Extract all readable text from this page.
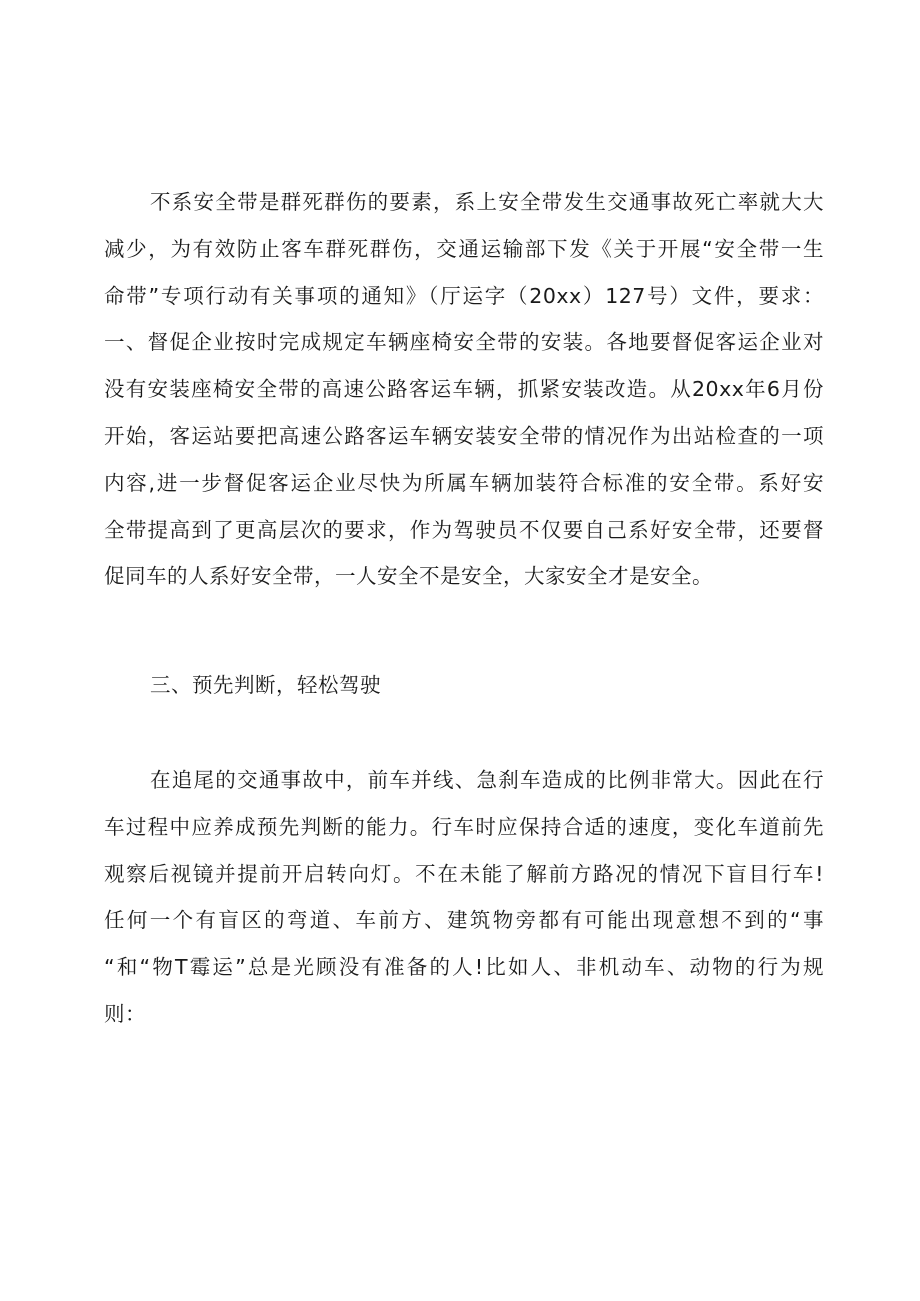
不系安全带是群死群伤的要素，系上安全带发生交通事故死亡率就大大
减少，为有效防止客车群死群伤，交通运输部下发《关于开展“安全带一生
命带”专项行动有关事项的通知》（厅运字（20xx）127号）文件，要求：
一、督促企业按时完成规定车辆座椅安全带的安装。各地要督促客运企业对
没有安装座椅安全带的高速公路客运车辆，抓紧安装改造。从20xx年6月份
开始，客运站要把高速公路客运车辆安装安全带的情况作为出站检查的一项
内容,进一步督促客运企业尽快为所属车辆加装符合标准的安全带。系好安
全带提高到了更高层次的要求，作为驾驶员不仅要自己系好安全带，还要督
促同车的人系好安全带，一人安全不是安全，大家安全才是安全。
三、预先判断，轻松驾驶
在追尾的交通事故中，前车并线、急刹车造成的比例非常大。因此在行
车过程中应养成预先判断的能力。行车时应保持合适的速度，变化车道前先
观察后视镜并提前开启转向灯。不在未能了解前方路况的情况下盲目行车!
任何一个有盲区的弯道、车前方、建筑物旁都有可能出现意想不到的“事
“和“物T霉运”总是光顾没有准备的人!比如人、非机动车、动物的行为规
则：
